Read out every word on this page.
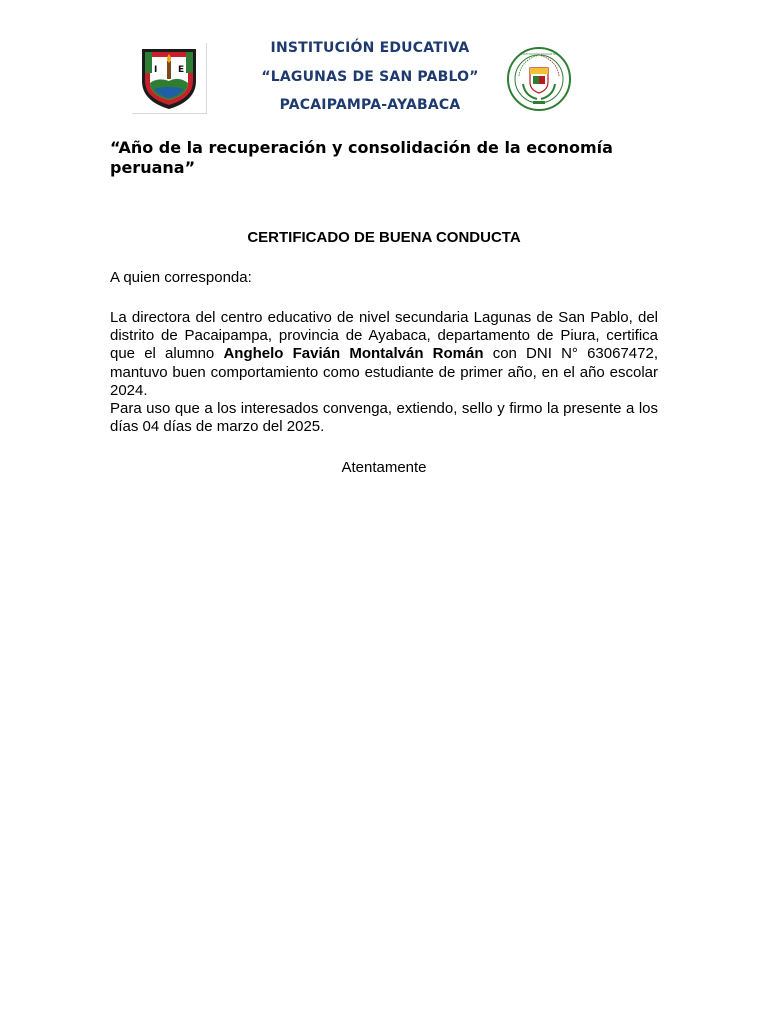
I E
INSTITUCIÓN EDUCATIVA
“LAGUNAS DE SAN PABLO”
PACAIPAMPA-AYABACA
INSTITUCIÓN EDUCATIVA
“Año de la recuperación y consolidación de la economía peruana”
CERTIFICADO DE BUENA CONDUCTA
A quien corresponda:

La directora del centro educativo de nivel secundaria Lagunas de San Pablo, del distrito de Pacaipampa, provincia de Ayabaca, departamento de Piura, certifica que el alumno Anghelo Favián Montalván Román con DNI N° 63067472, mantuvo buen comportamiento como estudiante de primer año, en el año escolar 2024.

Para uso que a los interesados convenga, extiendo, sello y firmo la presente a los días 04 días de marzo del 2025.

Atentamente
